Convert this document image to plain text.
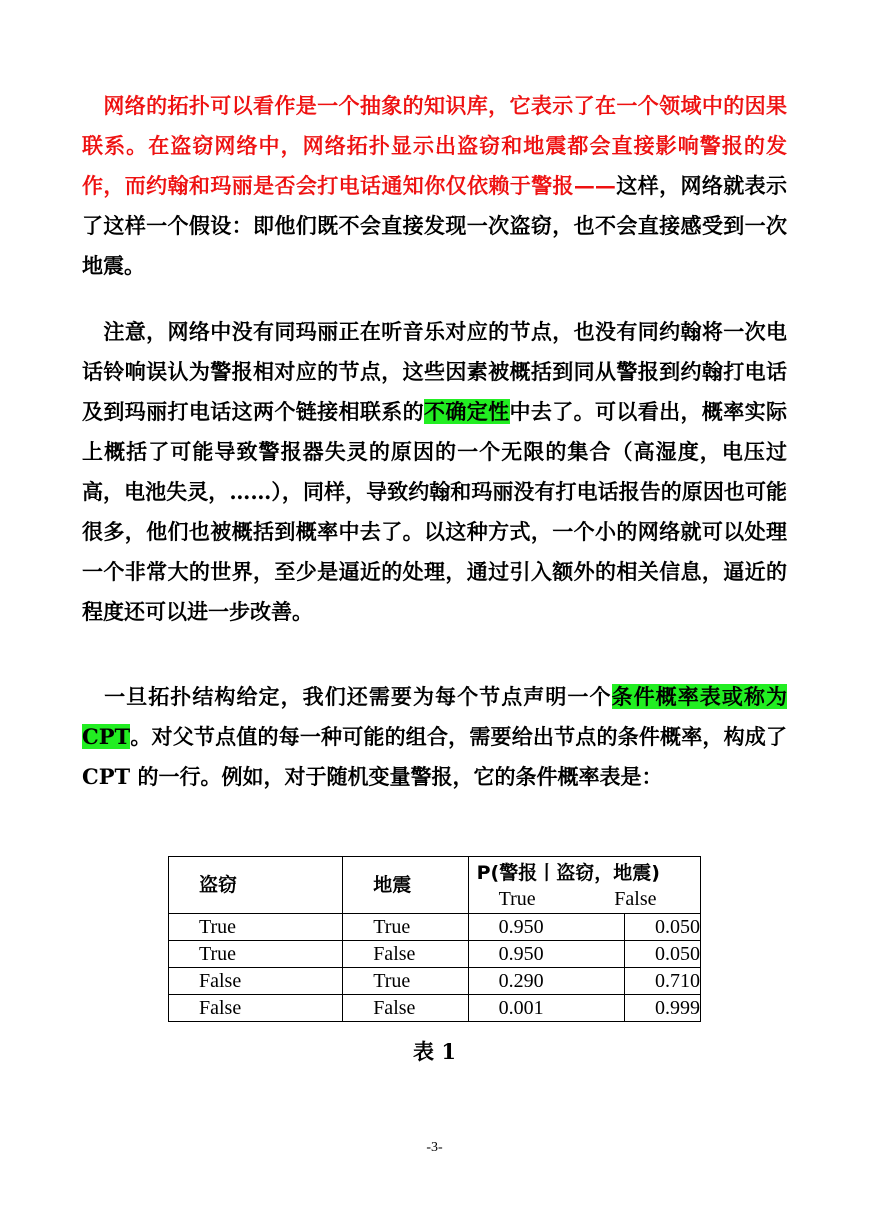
 网络的拓扑可以看作是一个抽象的知识库，它表示了在一个领域中的因果联系。在盗窃网络中，网络拓扑显示出盗窃和地震都会直接影响警报的发作，而约翰和玛丽是否会打电话通知你仅依赖于警报——这样，网络就表示了这样一个假设：即他们既不会直接发现一次盗窃，也不会直接感受到一次地震。
 注意，网络中没有同玛丽正在听音乐对应的节点，也没有同约翰将一次电话铃响误认为警报相对应的节点，这些因素被概括到同从警报到约翰打电话及到玛丽打电话这两个链接相联系的不确定性中去了。可以看出，概率实际上概括了可能导致警报器失灵的原因的一个无限的集合（高湿度，电压过高，电池失灵，……），同样，导致约翰和玛丽没有打电话报告的原因也可能很多，他们也被概括到概率中去了。以这种方式，一个小的网络就可以处理一个非常大的世界，至少是逼近的处理，通过引入额外的相关信息，逼近的程度还可以进一步改善。
 一旦拓扑结构给定，我们还需要为每个节点声明一个条件概率表或称为 CPT。对父节点值的每一种可能的组合，需要给出节点的条件概率，构成了 CPT 的一行。例如，对于随机变量警报，它的条件概率表是：
盗窃	地震	P(警报丨盗窃，地震)
True False	

True	True	0.950	0.050
True	False	0.950	0.050
False	True	0.290	0.710
False	False	0.001	0.999
表 1
-3-
